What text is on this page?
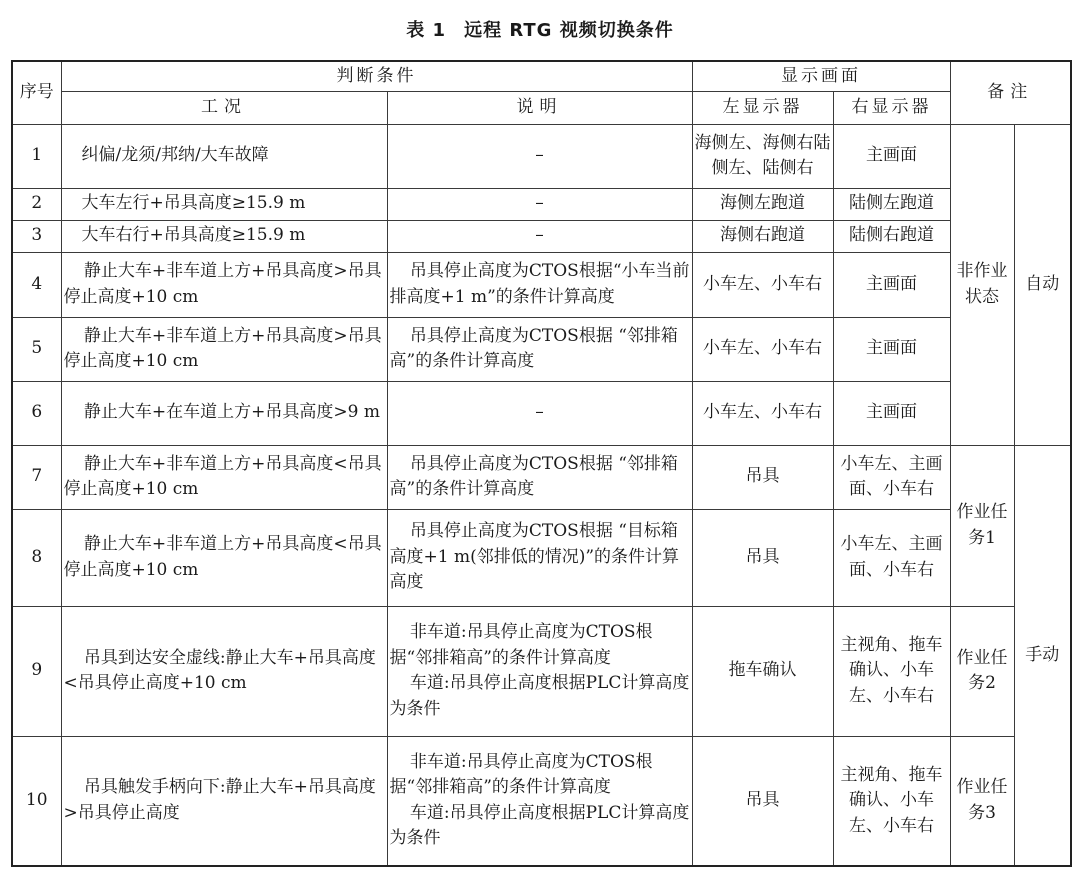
表 1 远程 RTG 视频切换条件
序号	判断条件		显示画面		备注	
	工况	说明	左显示器	右显示器		
1	纠偏/龙须/邦纳/大车故障	–	海侧左、海侧右陆侧左、陆侧右	主画面	非作业状态	自动
2	大车左行+吊具高度≥15.9 m	–	海侧左跑道	陆侧左跑道		
3	大车右行+吊具高度≥15.9 m	–	海侧右跑道	陆侧右跑道		
4	静止大车+非车道上方+吊具高度>吊具停止高度+10 cm	吊具停止高度为CTOS根据“小车当前排高度+1 m”的条件计算高度	小车左、小车右	主画面		
5	静止大车+非车道上方+吊具高度>吊具停止高度+10 cm	吊具停止高度为CTOS根据 “邻排箱高”的条件计算高度	小车左、小车右	主画面		
6	静止大车+在车道上方+吊具高度>9 m	–	小车左、小车右	主画面		
7	静止大车+非车道上方+吊具高度<吊具停止高度+10 cm	吊具停止高度为CTOS根据 “邻排箱高”的条件计算高度	吊具	小车左、主画面、小车右	作业任务1	手动
8	静止大车+非车道上方+吊具高度<吊具停止高度+10 cm	吊具停止高度为CTOS根据 “目标箱高度+1 m(邻排低的情况)”的条件计算高度	吊具	小车左、主画面、小车右		
9	吊具到达安全虚线:静止大车+吊具高度<吊具停止高度+10 cm	非车道:吊具停止高度为CTOS根据“邻排箱高”的条件计算高度
车道:吊具停止高度根据PLC计算高度为条件	拖车确认	主视角、拖车确认、小车左、小车右	作业任务2	
10	吊具触发手柄向下:静止大车+吊具高度>吊具停止高度	非车道:吊具停止高度为CTOS根据“邻排箱高”的条件计算高度
车道:吊具停止高度根据PLC计算高度为条件	吊具	主视角、拖车确认、小车左、小车右	作业任务3	
